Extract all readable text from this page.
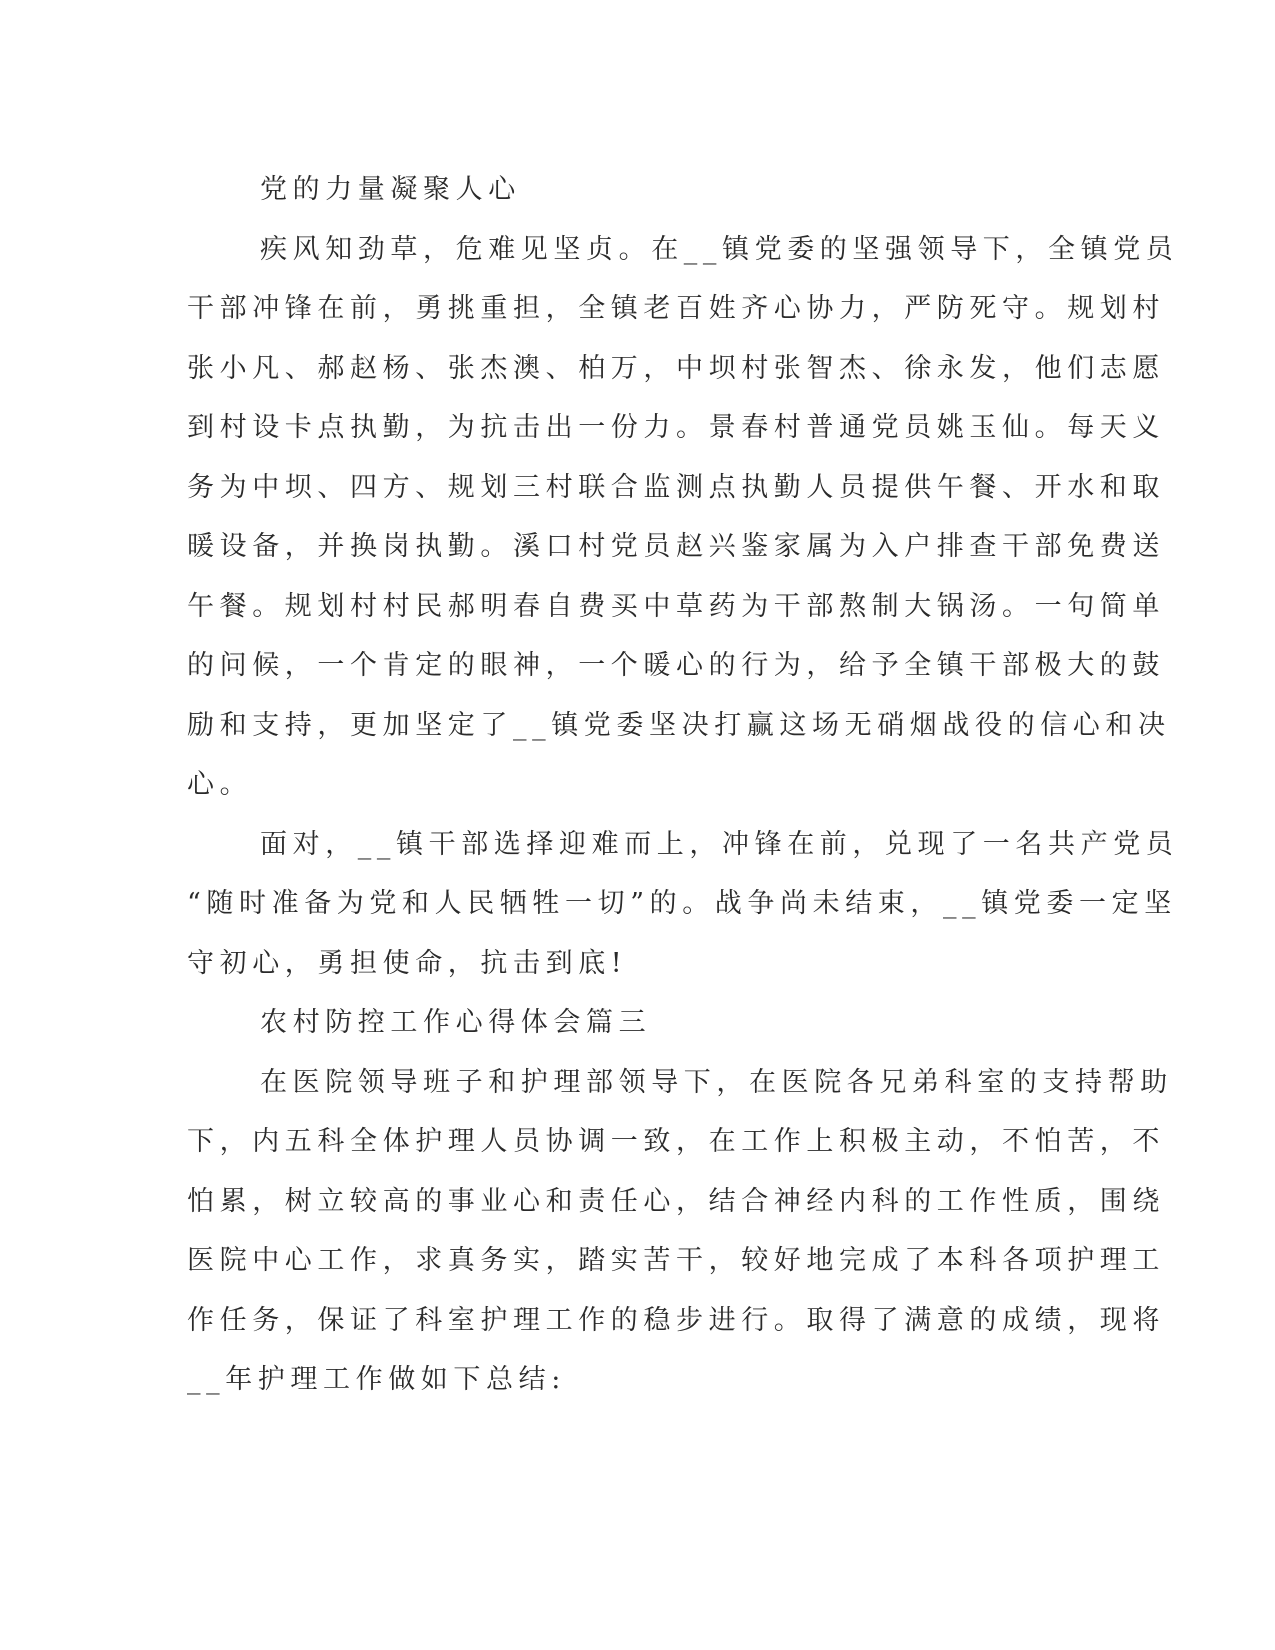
党的力量凝聚人心
疾风知劲草，危难见坚贞。在__镇党委的坚强领导下，全镇党员
干部冲锋在前，勇挑重担，全镇老百姓齐心协力，严防死守。规划村
张小凡、郝赵杨、张杰澳、柏万，中坝村张智杰、徐永发，他们志愿
到村设卡点执勤，为抗击出一份力。景春村普通党员姚玉仙。每天义
务为中坝、四方、规划三村联合监测点执勤人员提供午餐、开水和取
暖设备，并换岗执勤。溪口村党员赵兴鉴家属为入户排查干部免费送
午餐。规划村村民郝明春自费买中草药为干部熬制大锅汤。一句简单
的问候，一个肯定的眼神，一个暖心的行为，给予全镇干部极大的鼓
励和支持，更加坚定了__镇党委坚决打赢这场无硝烟战役的信心和决
心。
面对，__镇干部选择迎难而上，冲锋在前，兑现了一名共产党员
“随时准备为党和人民牺牲一切”的。战争尚未结束，__镇党委一定坚
守初心，勇担使命，抗击到底!
农村防控工作心得体会篇三
在医院领导班子和护理部领导下，在医院各兄弟科室的支持帮助
下，内五科全体护理人员协调一致，在工作上积极主动，不怕苦，不
怕累，树立较高的事业心和责任心，结合神经内科的工作性质，围绕
医院中心工作，求真务实，踏实苦干，较好地完成了本科各项护理工
作任务，保证了科室护理工作的稳步进行。取得了满意的成绩，现将
__年护理工作做如下总结:
